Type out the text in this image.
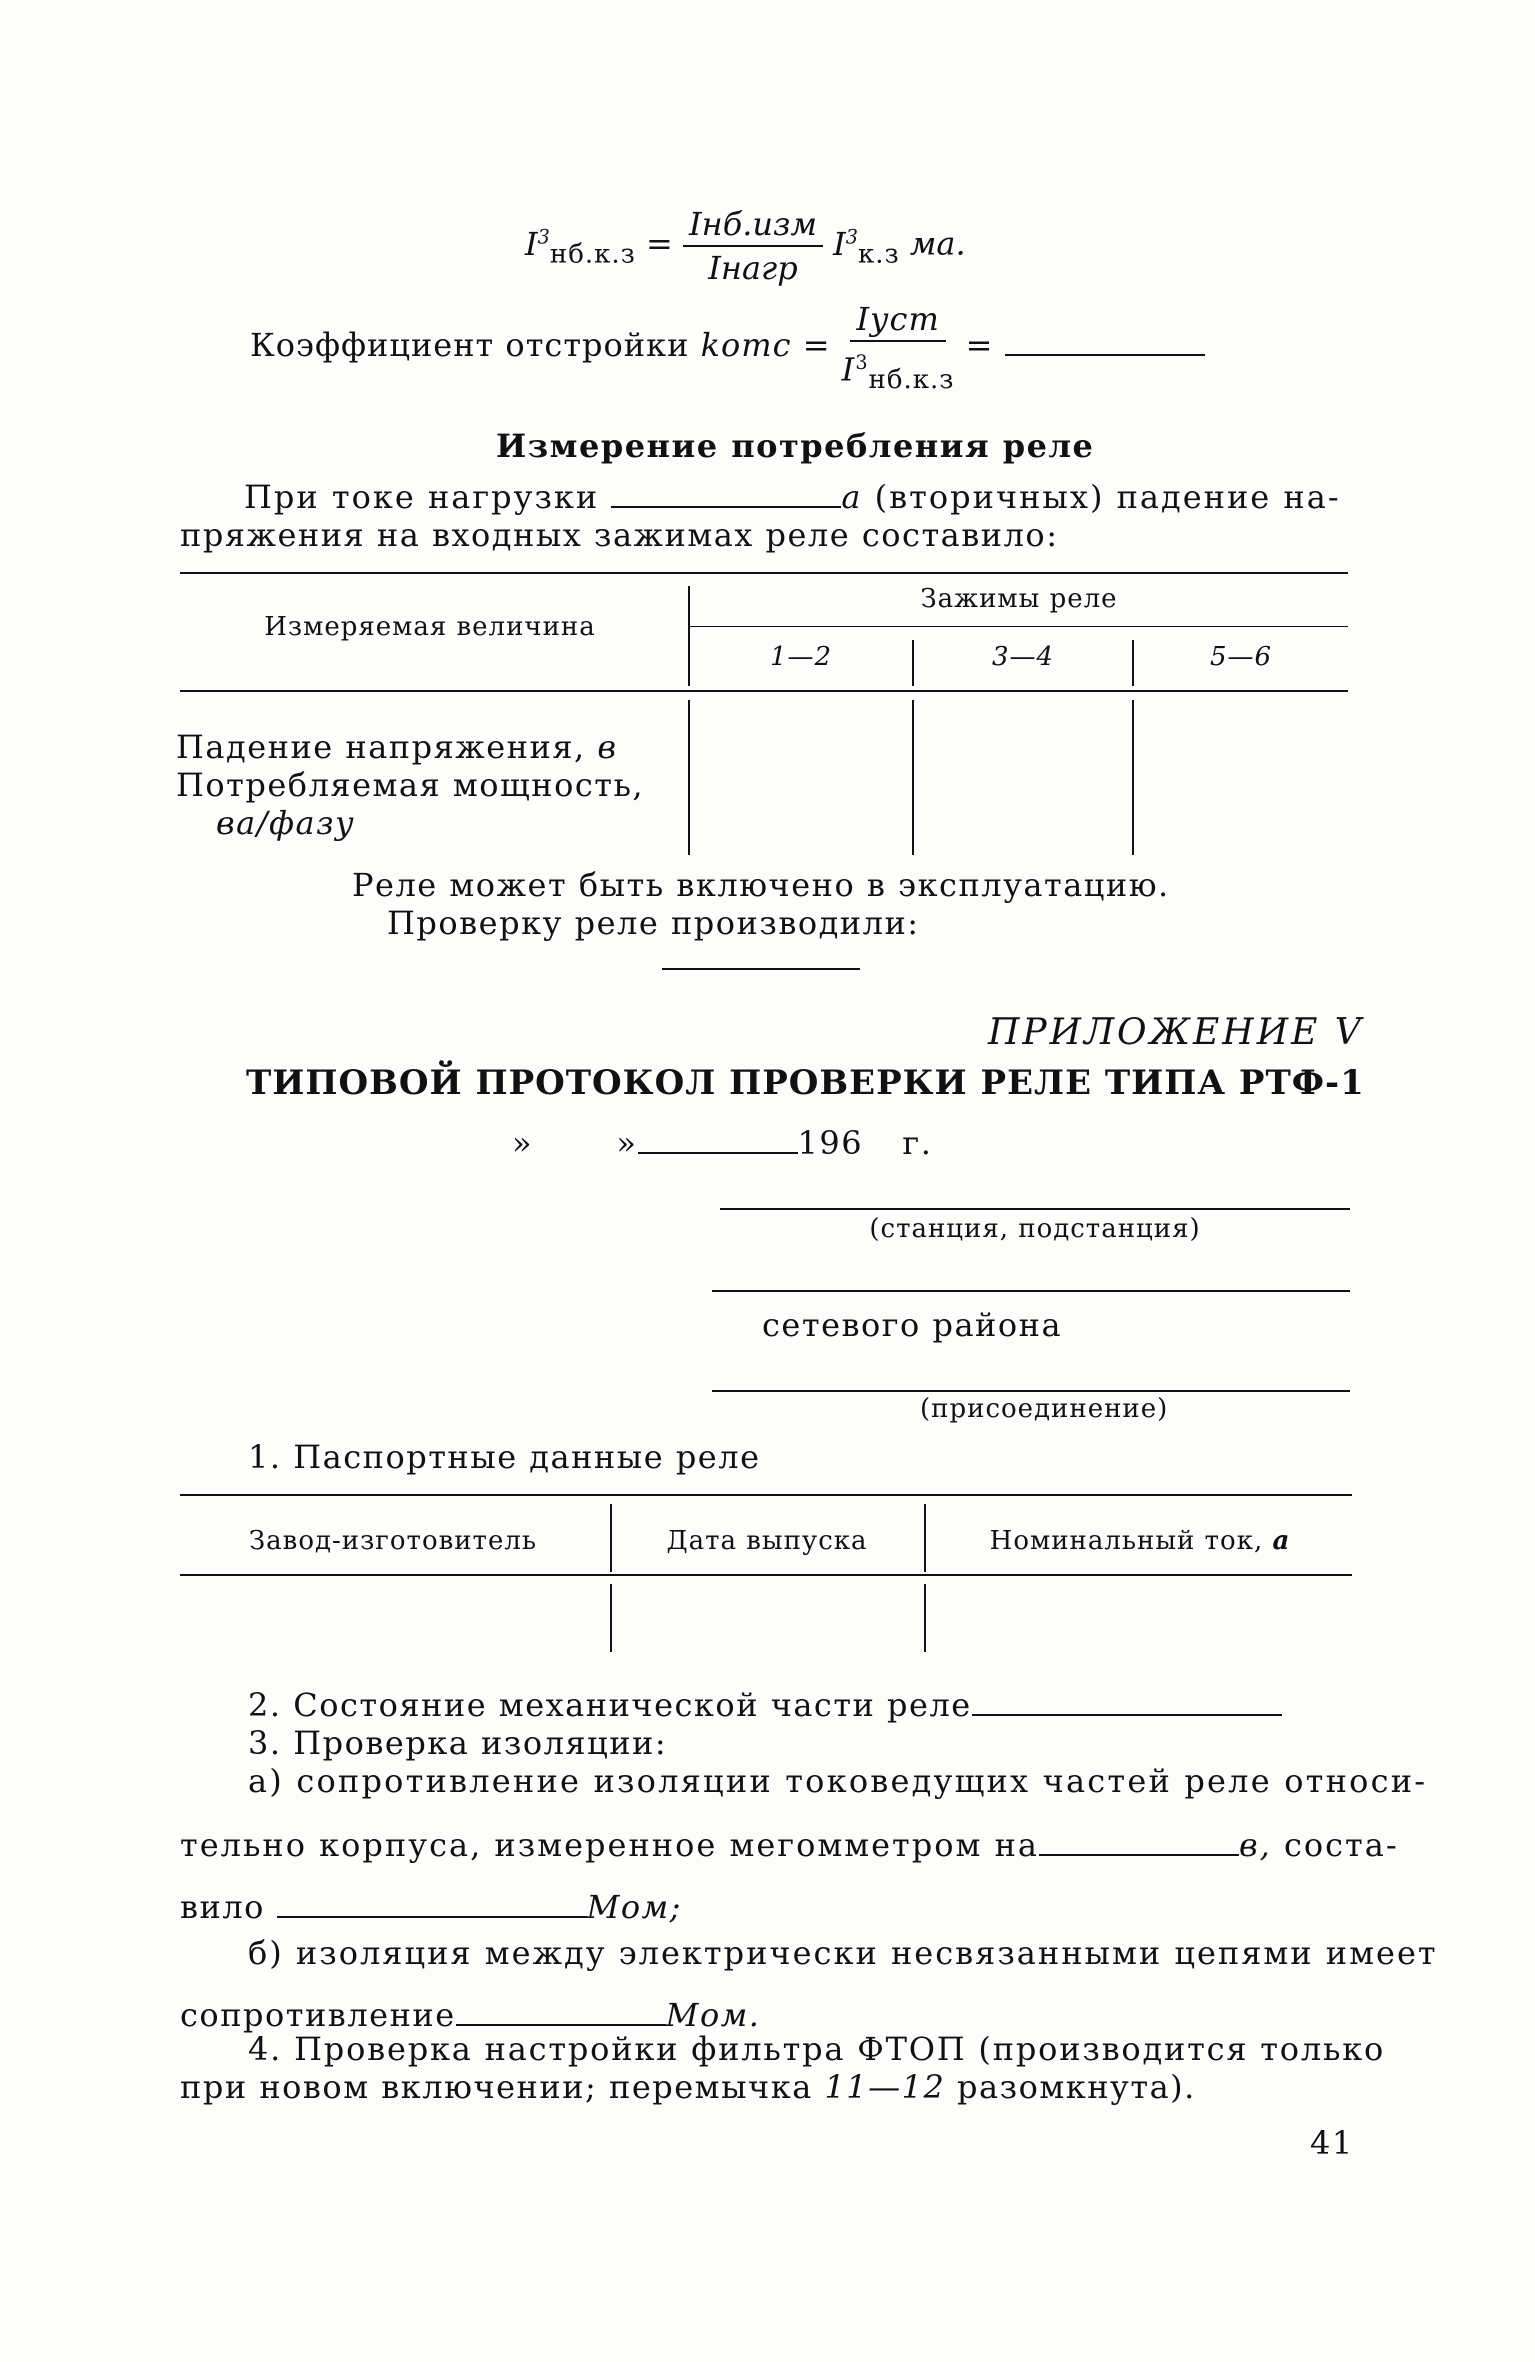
$I^3_{нб.к.з} = \frac{\text{Iнб.изм}}{\text{Iнагр}} I^3_{к.з}$ ма.
Коэффициент отстройки kотс = $\frac{\text{Iуст}}{I^3_{нб.к.з}}$ =
Измерение потребления реле
При токе нагрузки	а (вторичных) падение на-
пряжения на входных зажимах реле составило:
Измеряемая величина
Зажимы реле
1—2	3—4	5—6
Падение напряжения, в
Потребляемая мощность,
ва/фазу
Реле может быть включено в эксплуатацию.
Проверку реле производили:
ПРИЛОЖЕНИЕ V
ТИПОВОЙ ПРОТОКОЛ ПРОВЕРКИ РЕЛЕ ТИПА РТФ-1
»	»	196 г.
(станция, подстанция)
сетевого района
(присоединение)
1. Паспортные данные реле
Завод-изготовитель	Дата выпуска	Номинальный ток, а
2. Состояние механической части реле
3. Проверка изоляции:
а) сопротивление изоляции токоведущих частей реле относи-
тельно корпуса, измеренное мегомметром на	в, соста-
вило	Мом;
б) изоляция между электрически несвязанными цепями имеет
сопротивление	Мом.
4. Проверка настройки фильтра ФТОП (производится только
при новом включении; перемычка 11—12 разомкнута).
41
